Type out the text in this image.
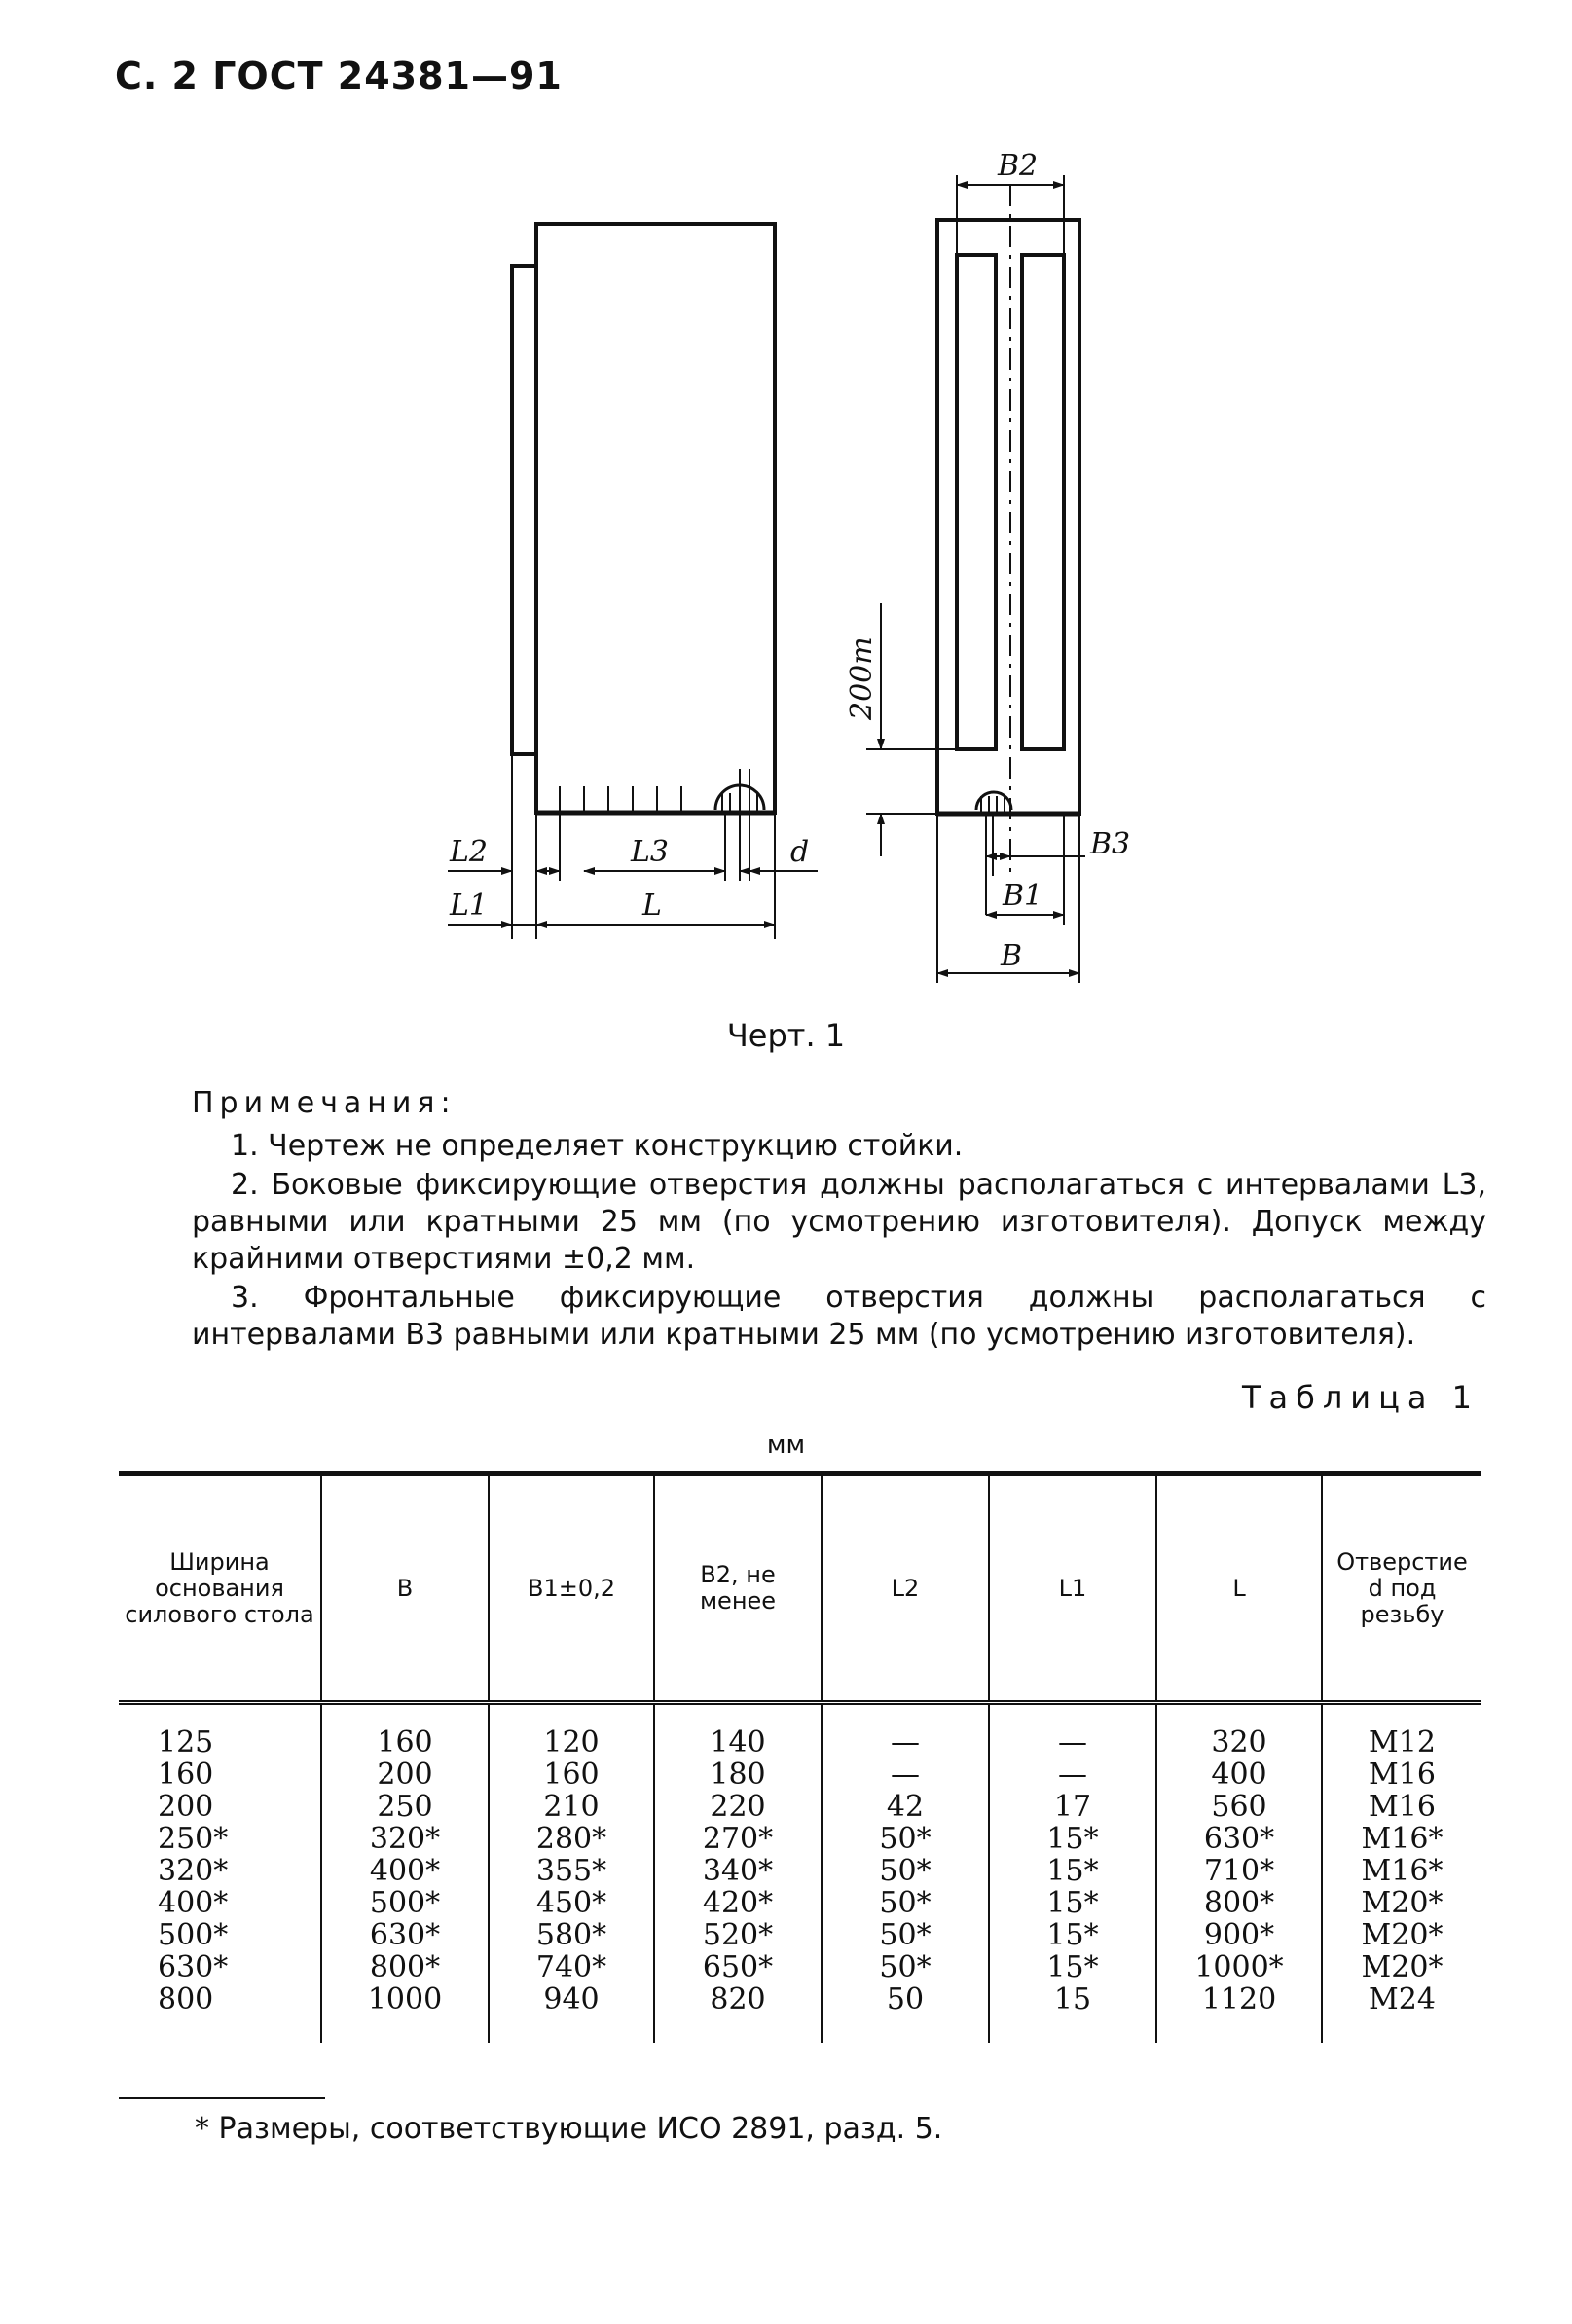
С. 2 ГОСТ 24381—91
L2	L3	d
L1	L
B2
B3
B1
B
200m
Черт. 1
Примечания:

1. Чертеж не определяет конструкцию стойки.

2. Боковые фиксирующие отверстия должны располагаться с интервалами L3, равными или кратными 25 мм (по усмотрению изготовителя). Допуск между крайними отверстиями ±0,2 мм.

3. Фронтальные фиксирующие отверстия должны располагаться с интервалами B3 равными или кратными 25 мм (по усмотрению изготовителя).

Таблица 1
мм
Ширина основания силового стола	B	B1±0,2	B2, не менее	L2	L1	L	Отверстие d под резьбу
125	160	120	140	—	—	320	M12
160	200	160	180	—	—	400	M16
200	250	210	220	42	17	560	M16
250*	320*	280*	270*	50*	15*	630*	M16*
320*	400*	355*	340*	50*	15*	710*	M16*
400*	500*	450*	420*	50*	15*	800*	M20*
500*	630*	580*	520*	50*	15*	900*	M20*
630*	800*	740*	650*	50*	15*	1000*	M20*
800	1000	940	820	50	15	1120	M24
* Размеры, соответствующие ИСО 2891, разд. 5.
